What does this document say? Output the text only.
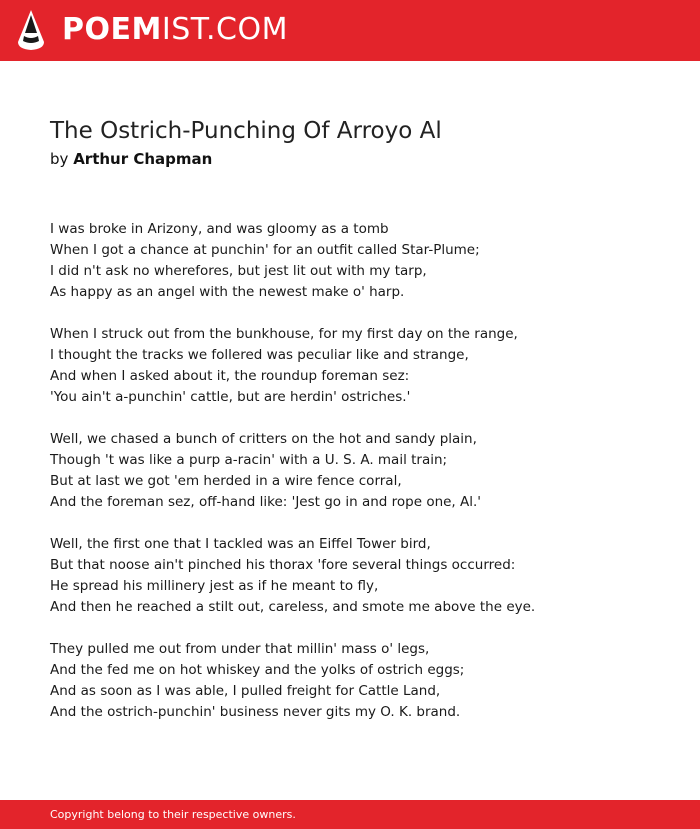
POEMIST.COM
The Ostrich-Punching Of Arroyo Al
by Arthur Chapman
I was broke in Arizony, and was gloomy as a tomb
When I got a chance at punchin' for an outfit called Star-Plume;
I did n't ask no wherefores, but jest lit out with my tarp,
As happy as an angel with the newest make o' harp.
When I struck out from the bunkhouse, for my first day on the range,
I thought the tracks we follered was peculiar like and strange,
And when I asked about it, the roundup foreman sez:
'You ain't a-punchin' cattle, but are herdin' ostriches.'
Well, we chased a bunch of critters on the hot and sandy plain,
Though 't was like a purp a-racin' with a U. S. A. mail train;
But at last we got 'em herded in a wire fence corral,
And the foreman sez, off-hand like: 'Jest go in and rope one, Al.'
Well, the first one that I tackled was an Eiffel Tower bird,
But that noose ain't pinched his thorax 'fore several things occurred:
He spread his millinery jest as if he meant to fly,
And then he reached a stilt out, careless, and smote me above the eye.
They pulled me out from under that millin' mass o' legs,
And the fed me on hot whiskey and the yolks of ostrich eggs;
And as soon as I was able, I pulled freight for Cattle Land,
And the ostrich-punchin' business never gits my O. K. brand.
Copyright belong to their respective owners.
